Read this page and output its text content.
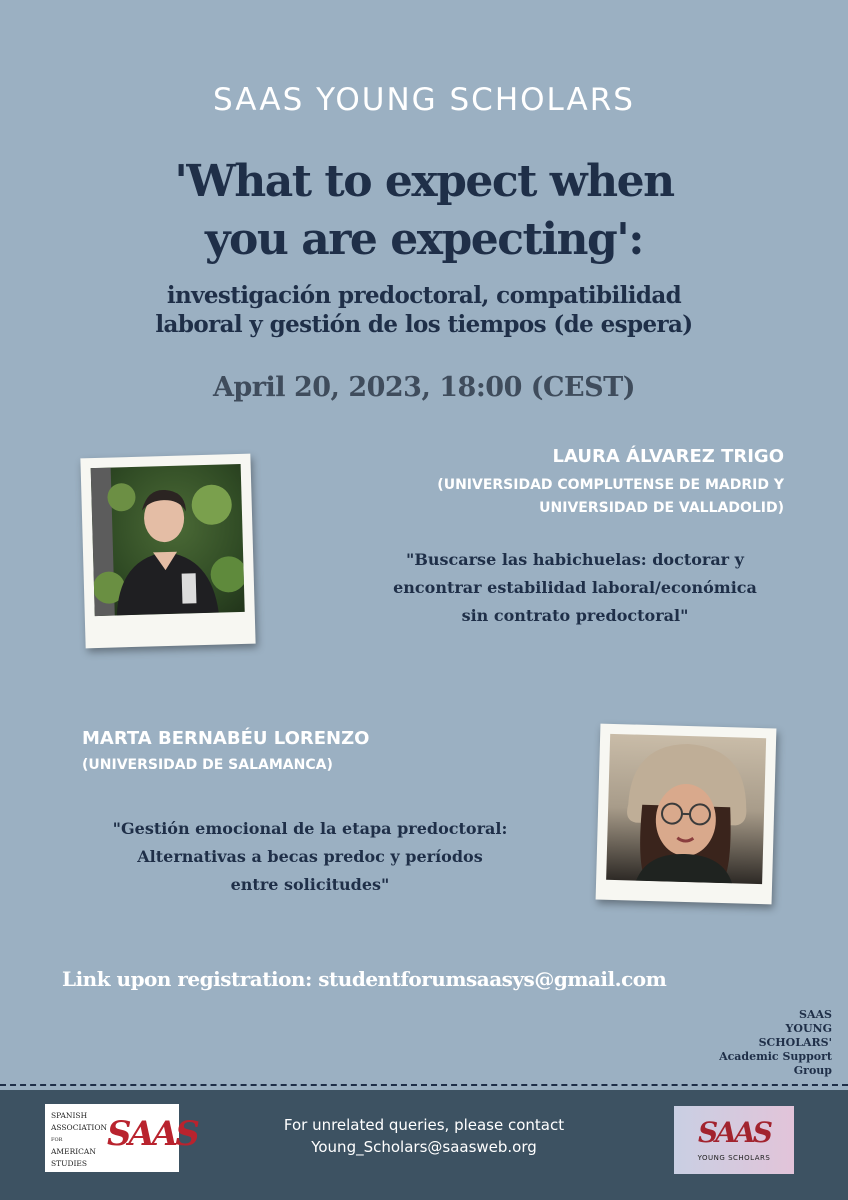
SAAS YOUNG SCHOLARS
'What to expect when
you are expecting':
investigación predoctoral, compatibilidad
laboral y gestión de los tiempos (de espera)
April 20, 2023, 18:00 (CEST)
LAURA ÁLVAREZ TRIGO
(UNIVERSIDAD COMPLUTENSE DE MADRID Y
UNIVERSIDAD DE VALLADOLID)
"Buscarse las habichuelas: doctorar y
encontrar estabilidad laboral/económica
sin contrato predoctoral"
MARTA BERNABÉU LORENZO
(UNIVERSIDAD DE SALAMANCA)
"Gestión emocional de la etapa predoctoral:
Alternativas a becas predoc y períodos
entre solicitudes"
Link upon registration: studentforumsaasys@gmail.com
SAAS
YOUNG
SCHOLARS'
Academic Support
Group
SPANISH
ASSOCIATION
FOR
AMERICAN
STUDIES
SAAS	For unrelated queries, please contact
Young_Scholars@saasweb.org	SAAS
YOUNG SCHOLARS
